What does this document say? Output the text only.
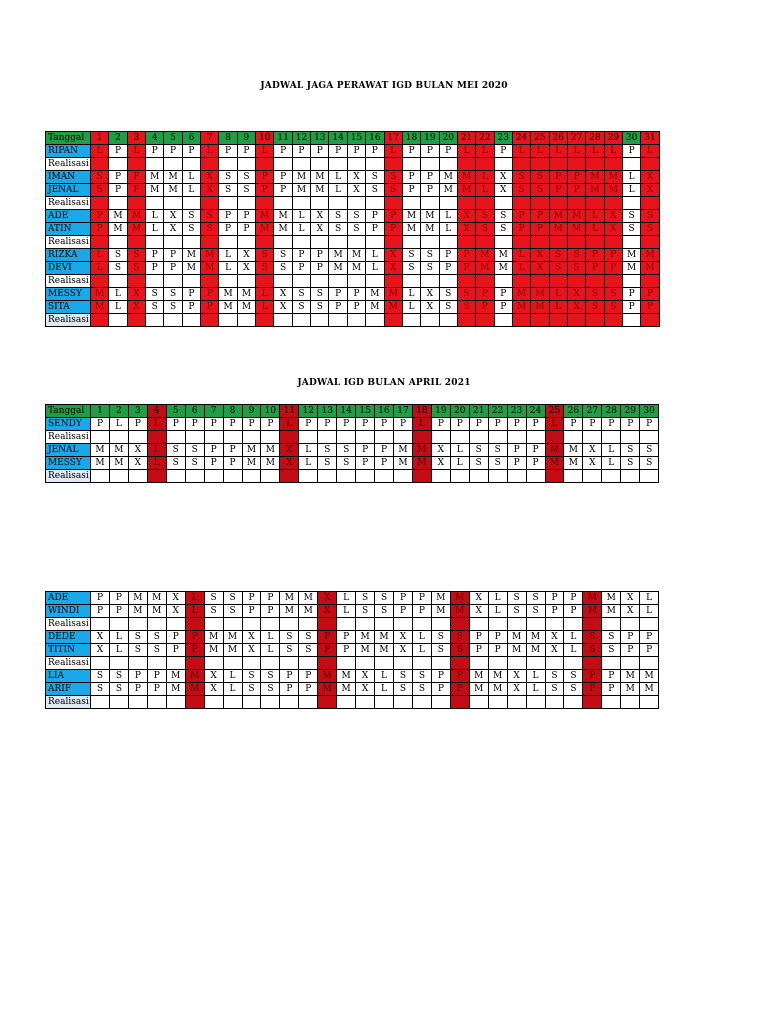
JADWAL JAGA PERAWAT IGD BULAN MEI 2020
Tanggal	1	2	3	4	5	6	7	8	9	10	11	12	13	14	15	16	17	18	19	20	21	22	23	24	25	26	27	28	29	30	31
RIPAN	L	P	L	P	P	P	L	P	P	L	P	P	P	P	P	P	L	P	P	P	L	L	P	L	L	L	L	L	L	P	L
Realisasi																															
IMAN	S	P	P	M	M	L	X	S	S	P	P	M	M	L	X	S	S	P	P	M	M	L	X	S	S	P	P	M	M	L	X
JENAL	S	P	P	M	M	L	X	S	S	P	P	M	M	L	X	S	S	P	P	M	M	L	X	S	S	P	P	M	M	L	X
Realisasi																															
ADE	P	M	M	L	X	S	S	P	P	M	M	L	X	S	S	P	P	M	M	L	X	S	S	P	P	M	M	L	X	S	S
ATIN	P	M	M	L	X	S	S	P	P	M	M	L	X	S	S	P	P	M	M	L	X	S	S	P	P	M	M	L	X	S	S
Realisasi																															
RIZKA	L	S	S	P	P	M	M	L	X	S	S	P	P	M	M	L	X	S	S	P	P	M	M	L	X	S	S	P	P	M	M
DEVI	L	S	S	P	P	M	M	L	X	S	S	P	P	M	M	L	X	S	S	P	P	M	M	L	X	S	S	P	P	M	M
Realisasi																															
MESSY	M	L	X	S	S	P	P	M	M	L	X	S	S	P	P	M	M	L	X	S	S	P	P	M	M	L	X	S	S	P	P
SITA	M	L	X	S	S	P	P	M	M	L	X	S	S	P	P	M	M	L	X	S	S	P	P	M	M	L	X	S	S	P	P
Realisasi																															
JADWAL IGD BULAN APRIL 2021
Tanggal	1	2	3	4	5	6	7	8	9	10	11	12	13	14	15	16	17	18	19	20	21	22	23	24	25	26	27	28	29	30
SENDY	P	L	P	L	P	P	P	P	P	P	L	P	P	P	P	P	P	L	P	P	P	P	P	P	L	P	P	P	P	P
Realisasi																														
JENAL	M	M	X	L	S	S	P	P	M	M	X	L	S	S	P	P	M	M	X	L	S	S	P	P	M	M	X	L	S	S
MESSY	M	M	X	L	S	S	P	P	M	M	X	L	S	S	P	P	M	M	X	L	S	S	P	P	M	M	X	L	S	S
Realisasi																														
ADE	P	P	M	M	X	L	S	S	P	P	M	M	X	L	S	S	P	P	M	M	X	L	S	S	P	P	M	M	X	L
WINDI	P	P	M	M	X	L	S	S	P	P	M	M	X	L	S	S	P	P	M	M	X	L	S	S	P	P	M	M	X	L
Realisasi																														
DEDE	X	L	S	S	P	P	M	M	X	L	S	S	P	P	M	M	X	L	S	S	P	P	M	M	X	L	S	S	P	P
TITIN	X	L	S	S	P	P	M	M	X	L	S	S	P	P	M	M	X	L	S	S	P	P	M	M	X	L	S	S	P	P
Realisasi																														
LIA	S	S	P	P	M	M	X	L	S	S	P	P	M	M	X	L	S	S	P	P	M	M	X	L	S	S	P	P	M	M
ARIF	S	S	P	P	M	M	X	L	S	S	P	P	M	M	X	L	S	S	P	P	M	M	X	L	S	S	P	P	M	M
Realisasi																														
